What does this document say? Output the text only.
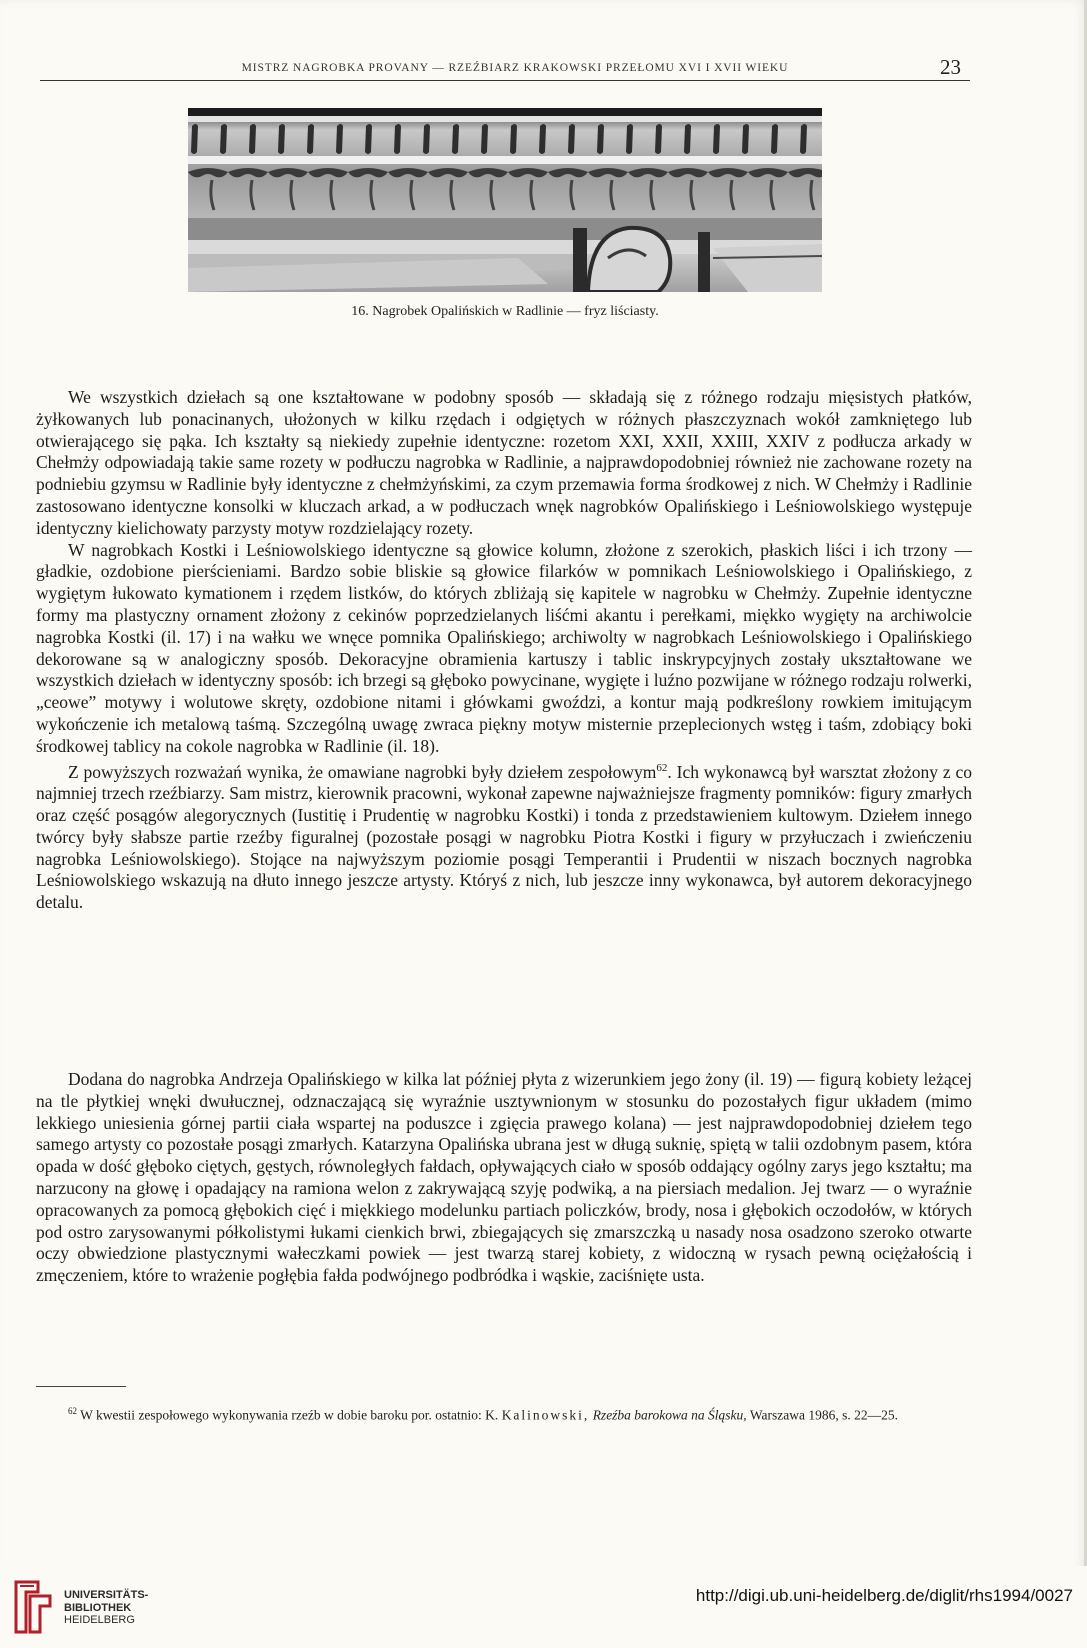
MISTRZ NAGROBKA PROVANY — RZEŹBIARZ KRAKOWSKI PRZEŁOMU XVI I XVII WIEKU	23
16. Nagrobek Opalińskich w Radlinie — fryz liściasty.

We wszystkich dziełach są one kształtowane w podobny sposób — składają się z różnego rodzaju mięsistych płatków, żyłkowanych lub ponacinanych, ułożonych w kilku rzędach i odgiętych w różnych płaszczyznach wokół zamkniętego lub otwierającego się pąka. Ich kształty są niekiedy zupełnie identyczne: rozetom XXI, XXII, XXIII, XXIV z podłucza arkady w Chełmży odpowiadają takie same rozety w podłuczu nagrobka w Radlinie, a najprawdopodobniej również nie zachowane rozety na podniebiu gzymsu w Radlinie były identyczne z chełmżyńskimi, za czym przemawia forma środkowej z nich. W Chełmży i Radlinie zastosowano identyczne konsolki w kluczach arkad, a w podłuczach wnęk nagrobków Opalińskiego i Leśniowolskiego występuje identyczny kielichowaty parzysty motyw rozdzielający rozety.

W nagrobkach Kostki i Leśniowolskiego identyczne są głowice kolumn, złożone z szerokich, płaskich liści i ich trzony — gładkie, ozdobione pierścieniami. Bardzo sobie bliskie są głowice filarków w pomnikach Leśniowolskiego i Opalińskiego, z wygiętym łukowato kymationem i rzędem listków, do których zbliżają się kapitele w nagrobku w Chełmży. Zupełnie identyczne formy ma plastyczny ornament złożony z cekinów poprzedzielanych liśćmi akantu i perełkami, miękko wygięty na archiwolcie nagrobka Kostki (il. 17) i na wałku we wnęce pomnika Opalińskiego; archiwolty w nagrobkach Leśniowolskiego i Opalińskiego dekorowane są w analogiczny sposób. Dekoracyjne obramienia kartuszy i tablic inskrypcyjnych zostały ukształtowane we wszystkich dziełach w identyczny sposób: ich brzegi są głęboko powycinane, wygięte i luźno pozwijane w różnego rodzaju rolwerki, „ceowe” motywy i wolutowe skręty, ozdobione nitami i główkami gwoździ, a kontur mają podkreślony rowkiem imitującym wykończenie ich metalową taśmą. Szczególną uwagę zwraca piękny motyw misternie przeplecionych wstęg i taśm, zdobiący boki środkowej tablicy na cokole nagrobka w Radlinie (il. 18).

Z powyższych rozważań wynika, że omawiane nagrobki były dziełem zespołowym$^{62}$. Ich wykonawcą był warsztat złożony z co najmniej trzech rzeźbiarzy. Sam mistrz, kierownik pracowni, wykonał zapewne najważniejsze fragmenty pomników: figury zmarłych oraz część posągów alegorycznych (Iustitię i Prudentię w nagrobku Kostki) i tonda z przedstawieniem kultowym. Dziełem innego twórcy były słabsze partie rzeźby figuralnej (pozostałe posągi w nagrobku Piotra Kostki i figury w przyłuczach i zwieńczeniu nagrobka Leśniowolskiego). Stojące na najwyższym poziomie posągi Temperantii i Prudentii w niszach bocznych nagrobka Leśniowolskiego wskazują na dłuto innego jeszcze artysty. Któryś z nich, lub jeszcze inny wykonawca, był autorem dekoracyjnego detalu.

Dodana do nagrobka Andrzeja Opalińskiego w kilka lat później płyta z wizerunkiem jego żony (il. 19) — figurą kobiety leżącej na tle płytkiej wnęki dwułucznej, odznaczającą się wyraźnie usztywnionym w stosunku do pozostałych figur układem (mimo lekkiego uniesienia górnej partii ciała wspartej na poduszce i zgięcia prawego kolana) — jest najprawdopodobniej dziełem tego samego artysty co pozostałe posągi zmarłych. Katarzyna Opalińska ubrana jest w długą suknię, spiętą w talii ozdobnym pasem, która opada w dość głęboko ciętych, gęstych, równoległych fałdach, opływających ciało w sposób oddający ogólny zarys jego kształtu; ma narzucony na głowę i opadający na ramiona welon z zakrywającą szyję podwiką, a na piersiach medalion. Jej twarz — o wyraźnie opracowanych za pomocą głębokich cięć i miękkiego modelunku partiach policzków, brody, nosa i głębokich oczodołów, w których pod ostro zarysowanymi półkolistymi łukami cienkich brwi, zbiegających się zmarszczką u nasady nosa osadzono szeroko otwarte oczy obwiedzione plastycznymi wałeczkami powiek — jest twarzą starej kobiety, z widoczną w rysach pewną ociężałością i zmęczeniem, które to wrażenie pogłębia fałda podwójnego podbródka i wąskie, zaciśnięte usta.

$^{62}$ W kwestii zespołowego wykonywania rzeźb w dobie baroku por. ostatnio: K. Kalinowski, Rzeźba barokowa na Śląsku, Warszawa 1986, s. 22—25.
UNIVERSITÄTS-
BIBLIOTHEK
HEIDELBERG
http://digi.ub.uni-heidelberg.de/diglit/rhs1994/0027
